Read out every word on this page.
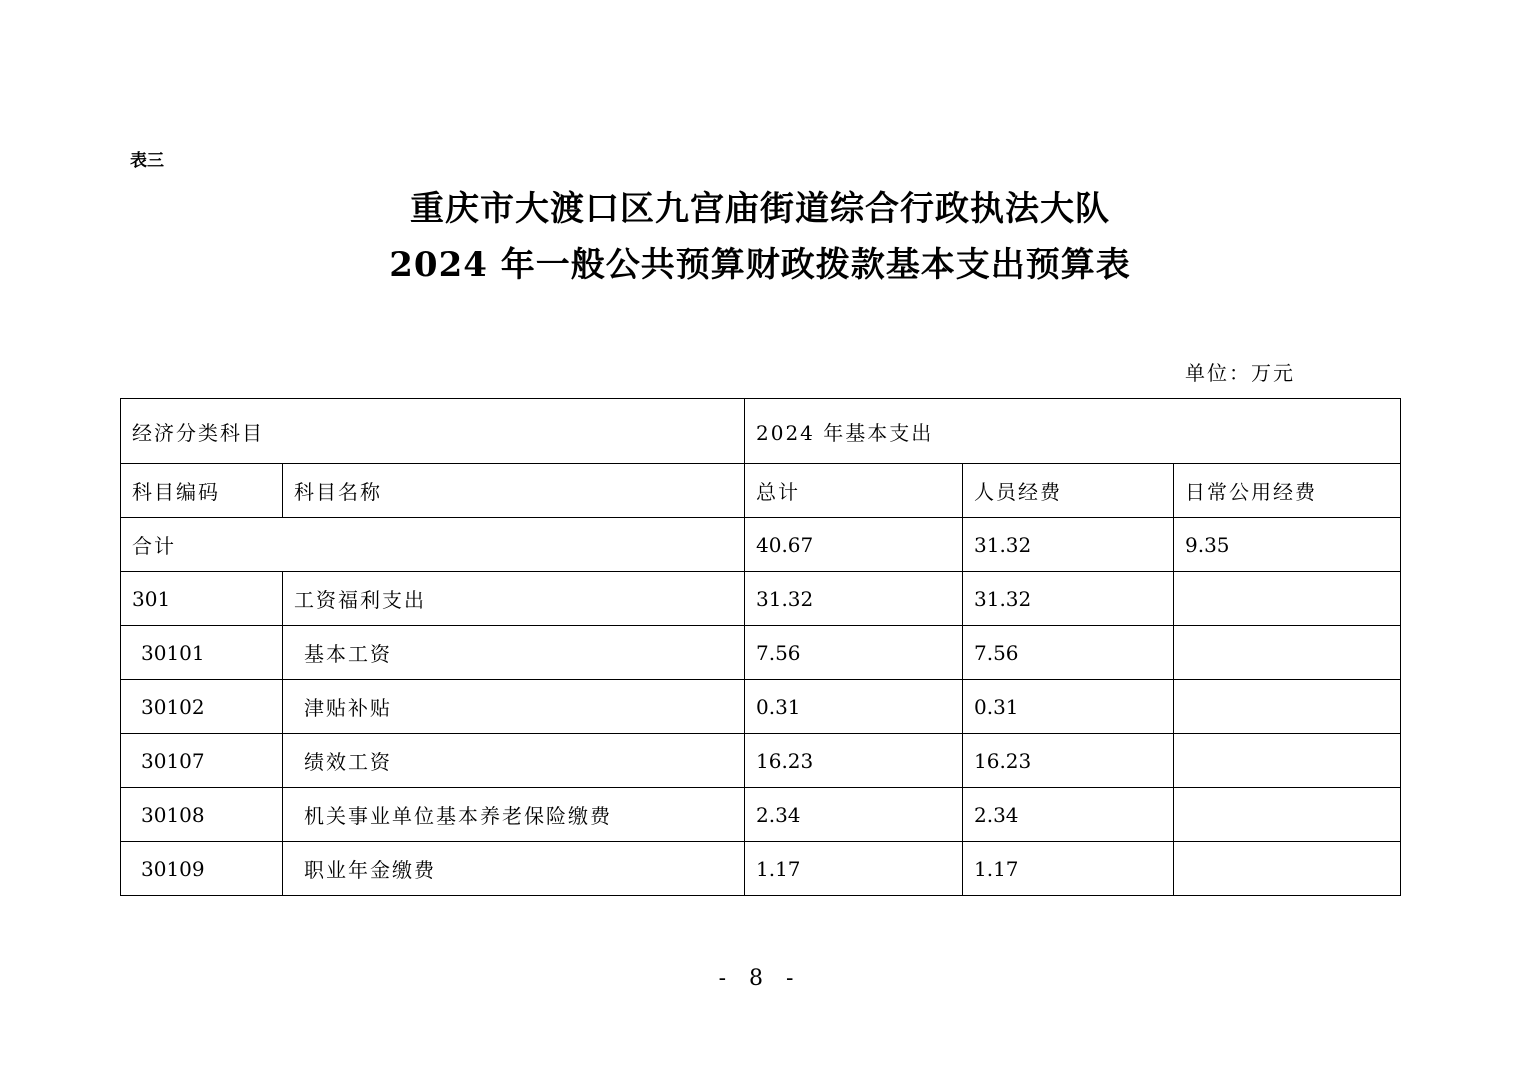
表三
重庆市大渡口区九宫庙街道综合行政执法大队
2024 年一般公共预算财政拨款基本支出预算表
单位：万元
经济分类科目		2024 年基本支出		
科目编码	科目名称	总计	人员经费	日常公用经费
合计		40.67	31.32	9.35
301	工资福利支出	31.32	31.32	
30101	基本工资	7.56	7.56	
30102	津贴补贴	0.31	0.31	
30107	绩效工资	16.23	16.23	
30108	机关事业单位基本养老保险缴费	2.34	2.34	
30109	职业年金缴费	1.17	1.17	
- 8 -
